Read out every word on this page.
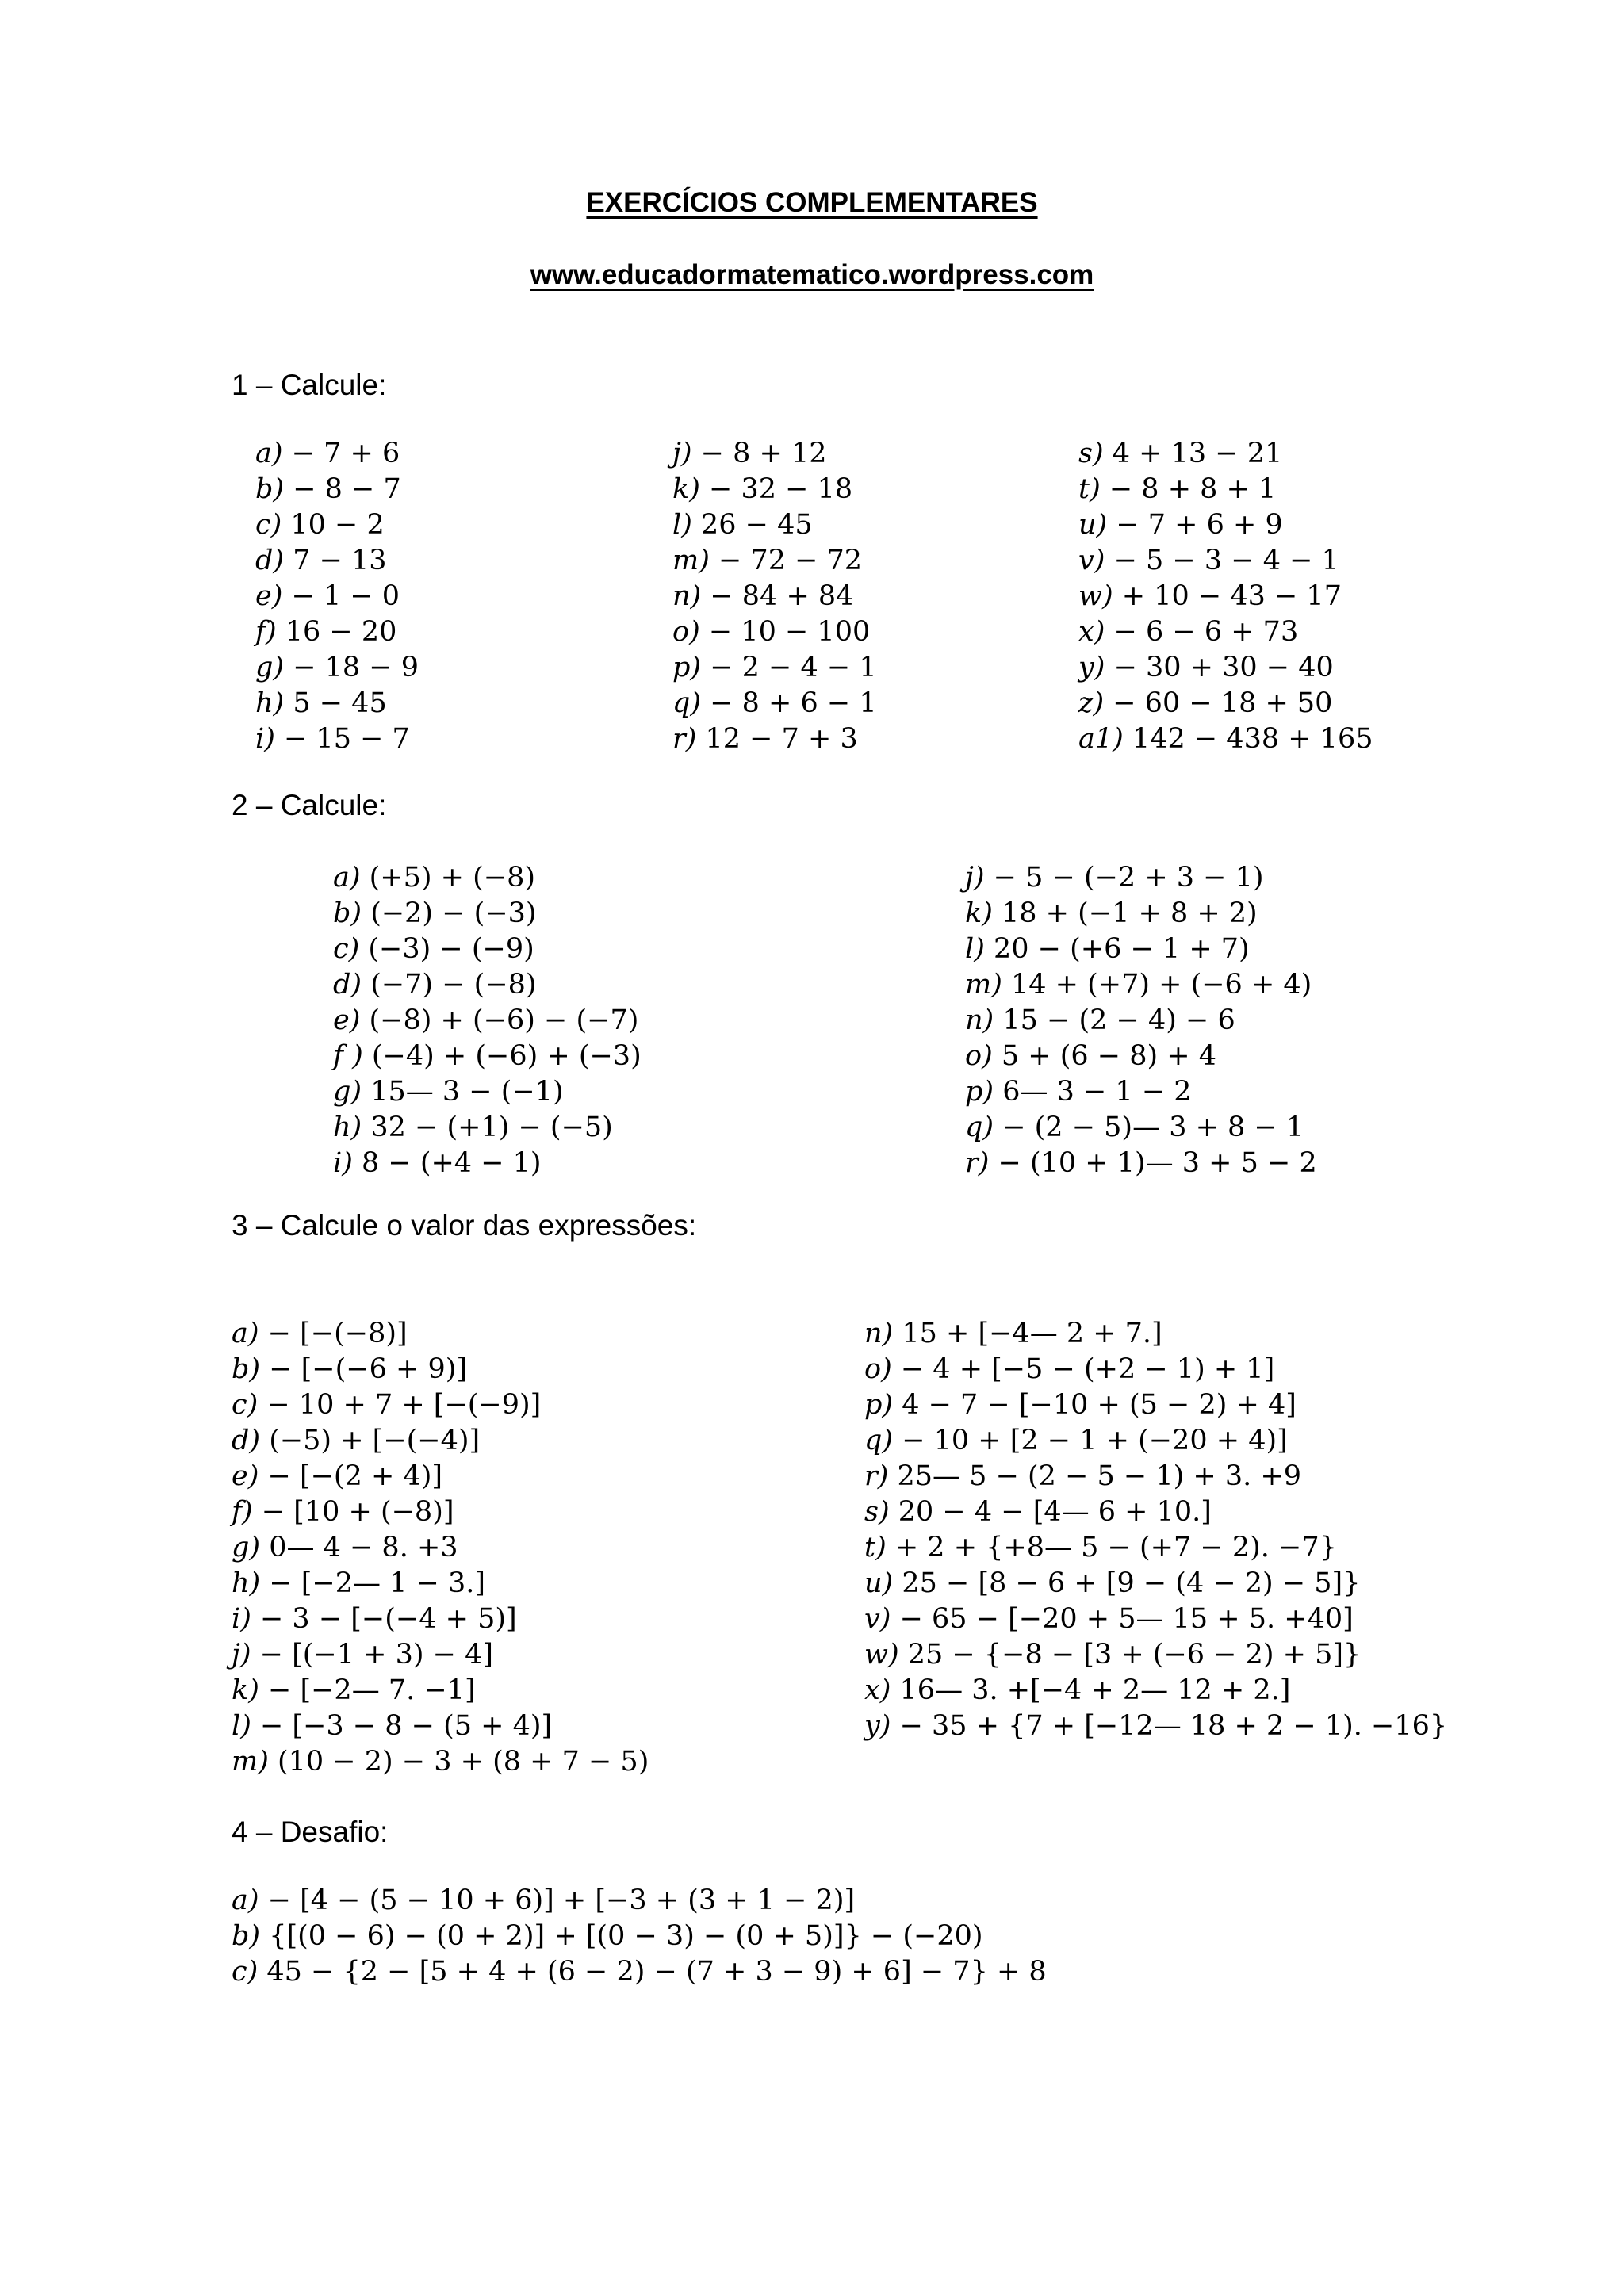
EXERCÍCIOS COMPLEMENTARES
www.educadormatematico.wordpress.com
1 – Calcule:
a) − 7 + 6
b) − 8 − 7
c) 10 − 2
d) 7 − 13
e) − 1 − 0
f) 16 − 20
g) − 18 − 9
h) 5 − 45
i) − 15 − 7
j) − 8 + 12
k) − 32 − 18
l) 26 − 45
m) − 72 − 72
n) − 84 + 84
o) − 10 − 100
p) − 2 − 4 − 1
q) − 8 + 6 − 1
r) 12 − 7 + 3
s) 4 + 13 − 21
t) − 8 + 8 + 1
u) − 7 + 6 + 9
v) − 5 − 3 − 4 − 1
w) + 10 − 43 − 17
x) − 6 − 6 + 73
y) − 30 + 30 − 40
z) − 60 − 18 + 50
a1) 142 − 438 + 165
2 – Calcule:
a) (+5) + (−8)
b) (−2) − (−3)
c) (−3) − (−9)
d) (−7) − (−8)
e) (−8) + (−6) − (−7)
f ) (−4) + (−6) + (−3)
g) 15— 3 − (−1)
h) 32 − (+1) − (−5)
i) 8 − (+4 − 1)
j) − 5 − (−2 + 3 − 1)
k) 18 + (−1 + 8 + 2)
l) 20 − (+6 − 1 + 7)
m) 14 + (+7) + (−6 + 4)
n) 15 − (2 − 4) − 6
o) 5 + (6 − 8) + 4
p) 6— 3 − 1 − 2
q) − (2 − 5)— 3 + 8 − 1
r) − (10 + 1)— 3 + 5 − 2
3 – Calcule o valor das expressões:
a) − [−(−8)]
b) − [−(−6 + 9)]
c) − 10 + 7 + [−(−9)]
d) (−5) + [−(−4)]
e) − [−(2 + 4)]
f) − [10 + (−8)]
g) 0— 4 − 8. +3
h) − [−2— 1 − 3.]
i) − 3 − [−(−4 + 5)]
j) − [(−1 + 3) − 4]
k) − [−2— 7. −1]
l) − [−3 − 8 − (5 + 4)]
m) (10 − 2) − 3 + (8 + 7 − 5)
n) 15 + [−4— 2 + 7.]
o) − 4 + [−5 − (+2 − 1) + 1]
p) 4 − 7 − [−10 + (5 − 2) + 4]
q) − 10 + [2 − 1 + (−20 + 4)]
r) 25— 5 − (2 − 5 − 1) + 3. +9
s) 20 − 4 − [4— 6 + 10.]
t) + 2 + {+8— 5 − (+7 − 2). −7}
u) 25 − [8 − 6 + [9 − (4 − 2) − 5]}
v) − 65 − [−20 + 5— 15 + 5. +40]
w) 25 − {−8 − [3 + (−6 − 2) + 5]}
x) 16— 3. +[−4 + 2— 12 + 2.]
y) − 35 + {7 + [−12— 18 + 2 − 1). −16}
4 – Desafio:
a) − [4 − (5 − 10 + 6)] + [−3 + (3 + 1 − 2)]
b) {[(0 − 6) − (0 + 2)] + [(0 − 3) − (0 + 5)]} − (−20)
c) 45 − {2 − [5 + 4 + (6 − 2) − (7 + 3 − 9) + 6] − 7} + 8
